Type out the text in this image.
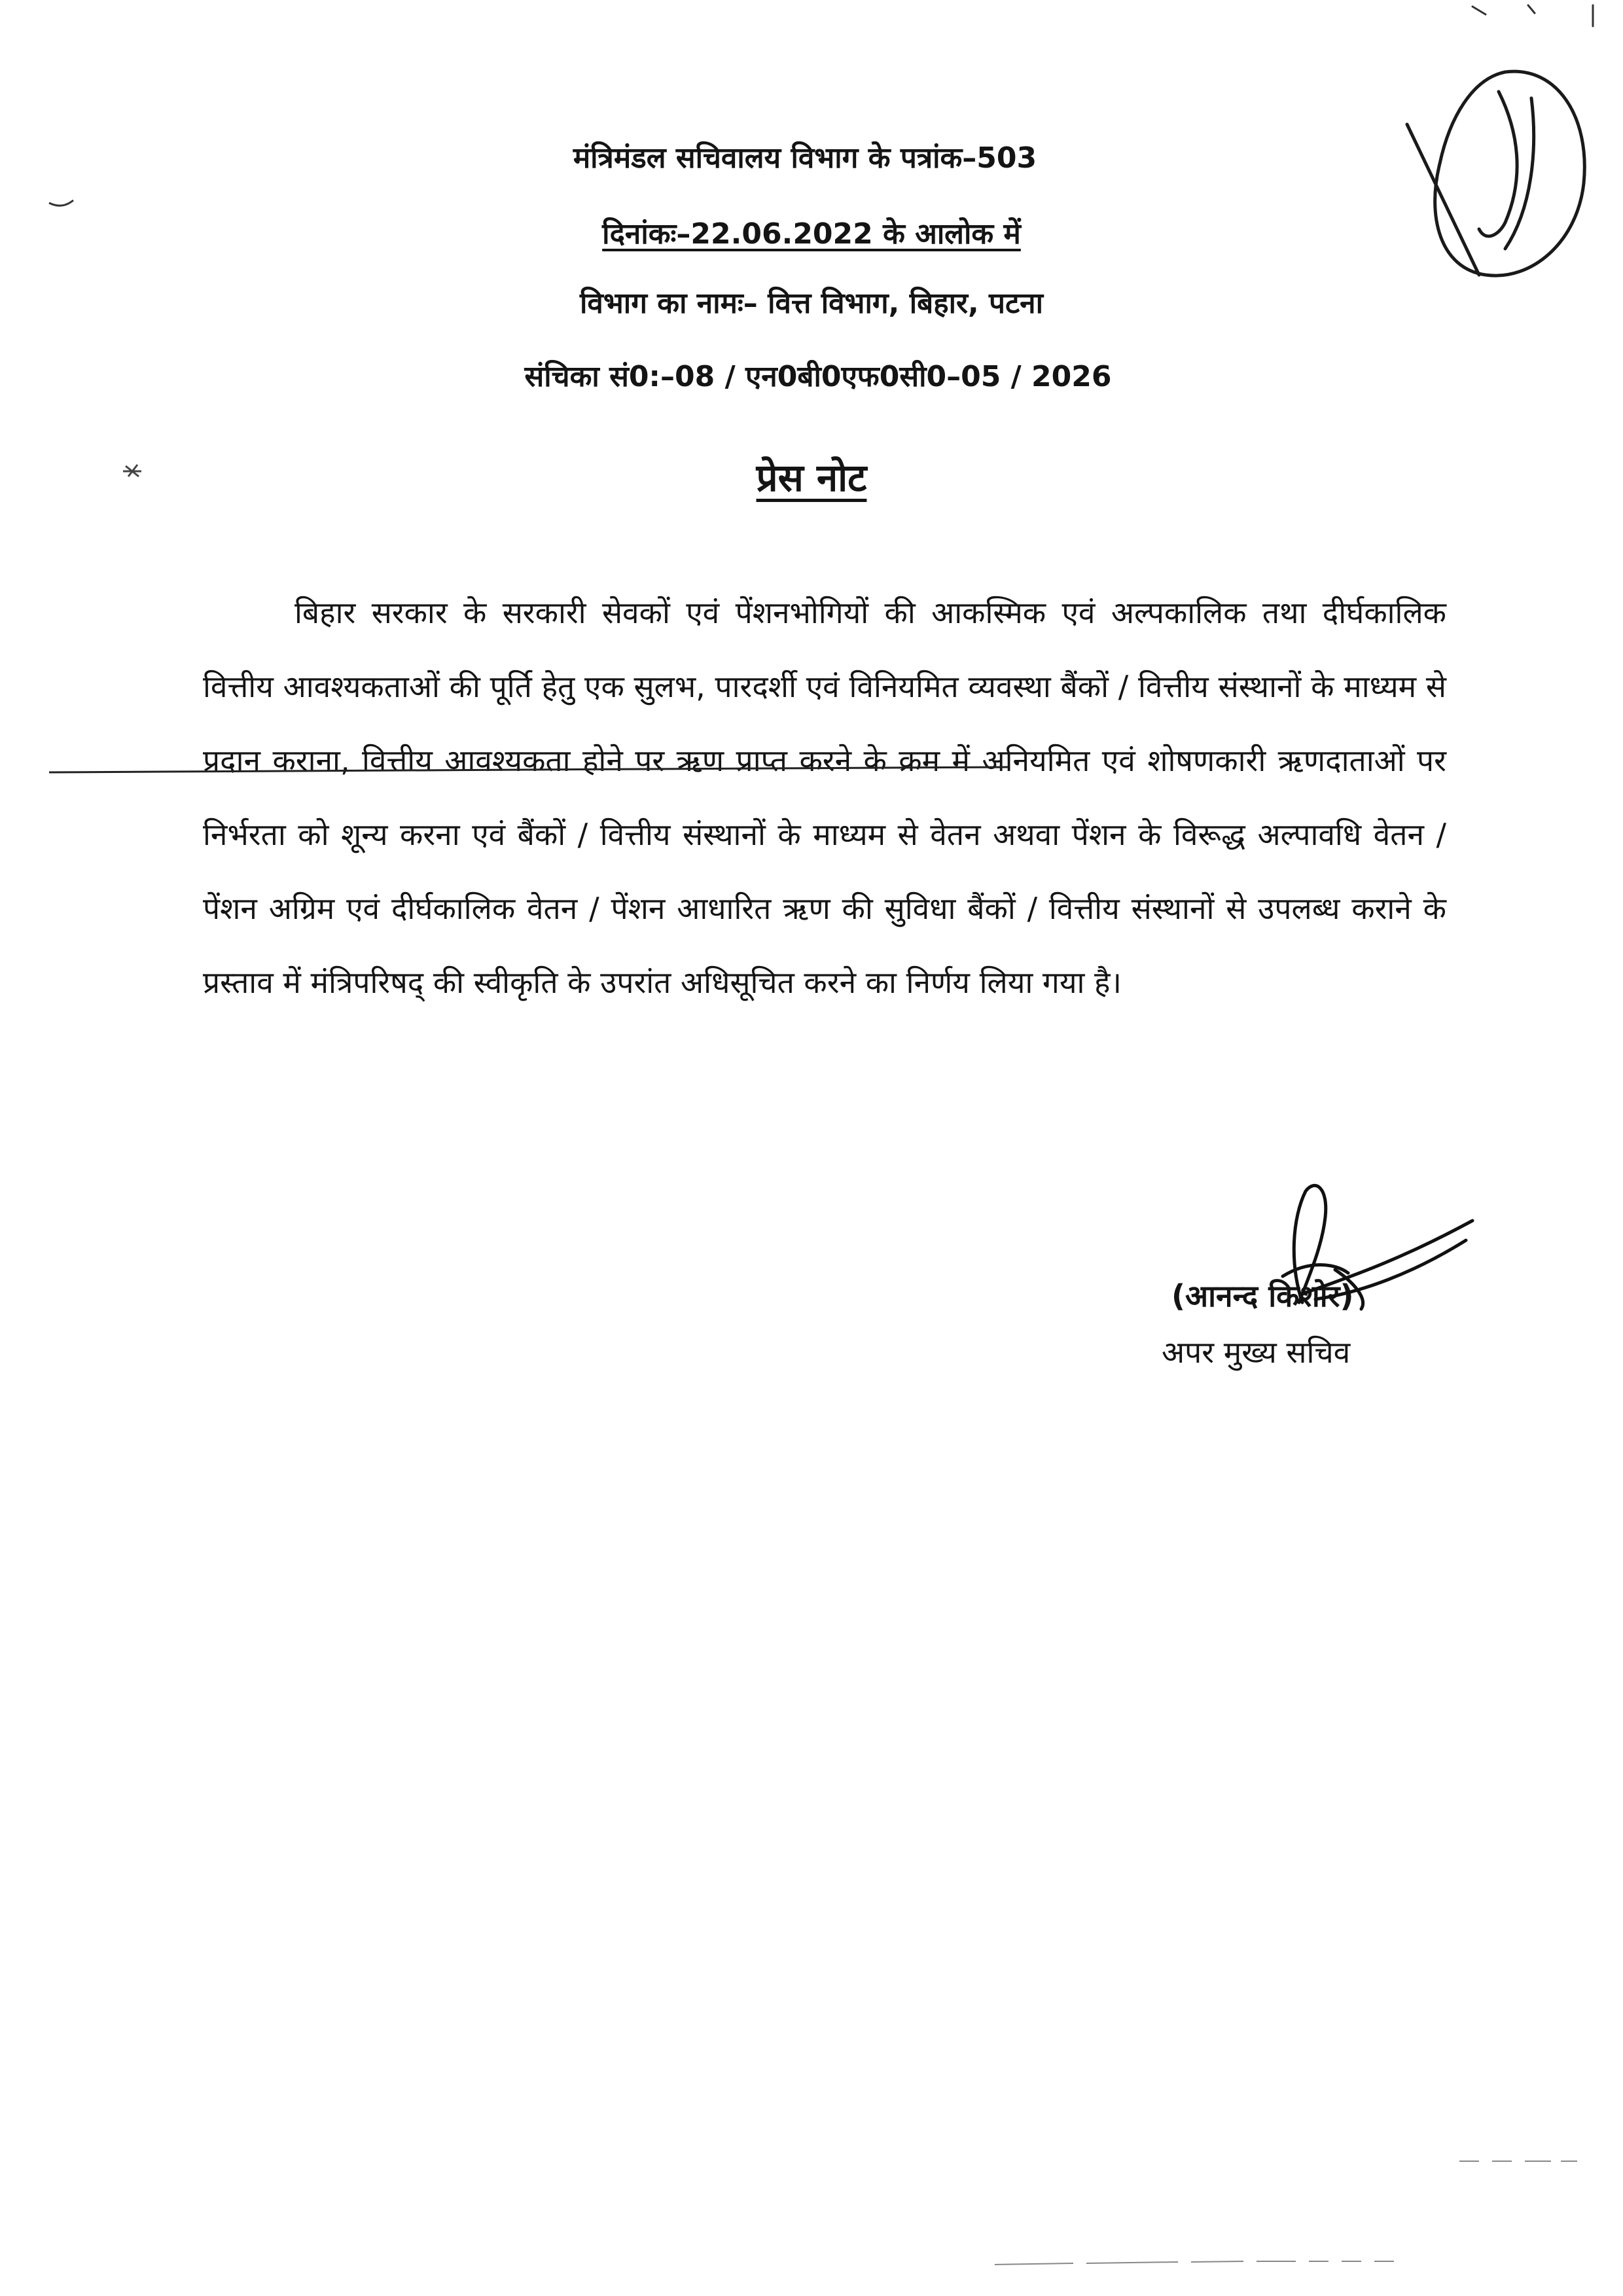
मंत्रिमंडल सचिवालय विभाग के पत्रांक–503
दिनांकः–22.06.2022 के आलोक में
विभाग का नामः– वित्त विभाग, बिहार, पटना
संचिका सं0:–08 / एन0बी0एफ0सी0–05 / 2026
प्रेस नोट

बिहार सरकार के सरकारी सेवकों एवं पेंशनभोगियों की आकस्मिक एवं अल्पकालिक तथा दीर्घकालिक वित्तीय आवश्यकताओं की पूर्ति हेतु एक सुलभ, पारदर्शी एवं विनियमित व्यवस्था बैंकों / वित्तीय संस्थानों के माध्यम से प्रदान कराना, वित्तीय आवश्यकता होने पर ऋण प्राप्त करने के क्रम में अनियमित एवं शोषणकारी ऋणदाताओं पर निर्भरता को शून्य करना एवं बैंकों / वित्तीय संस्थानों के माध्यम से वेतन अथवा पेंशन के विरूद्ध अल्पावधि वेतन / पेंशन अग्रिम एवं दीर्घकालिक वेतन / पेंशन आधारित ऋण की सुविधा बैंकों / वित्तीय संस्थानों से उपलब्ध कराने के प्रस्ताव में मंत्रिपरिषद् की स्वीकृति के उपरांत अधिसूचित करने का निर्णय लिया गया है।

(आनन्द किशोर)
अपर मुख्य सचिव
